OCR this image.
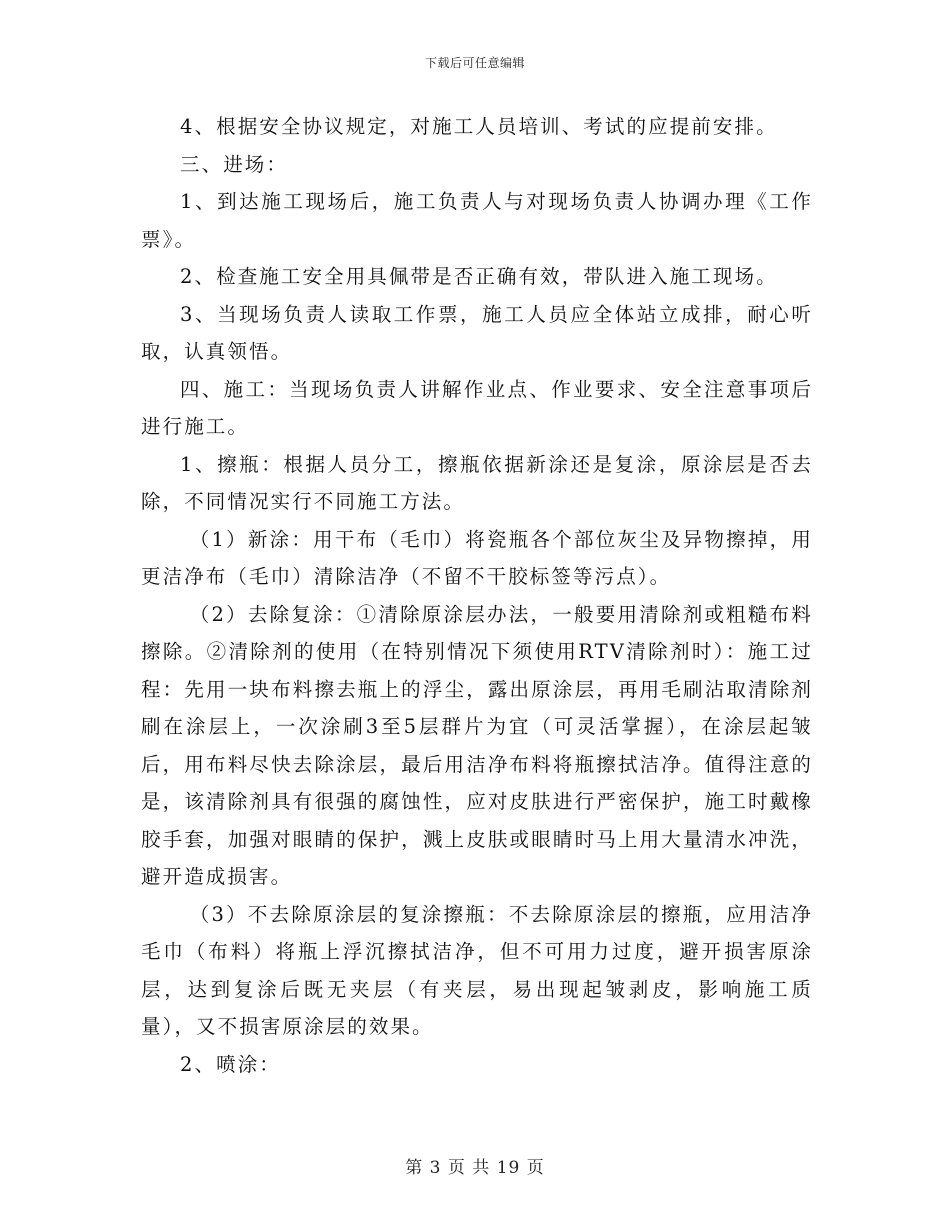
下载后可任意编辑

4、根据安全协议规定，对施工人员培训、考试的应提前安排。

三、进场：

1、到达施工现场后，施工负责人与对现场负责人协调办理《工作票》。

2、检查施工安全用具佩带是否正确有效，带队进入施工现场。

3、当现场负责人读取工作票，施工人员应全体站立成排，耐心听取，认真领悟。

四、施工：当现场负责人讲解作业点、作业要求、安全注意事项后进行施工。

1、擦瓶：根据人员分工，擦瓶依据新涂还是复涂，原涂层是否去除，不同情况实行不同施工方法。

（1）新涂：用干布（毛巾）将瓷瓶各个部位灰尘及异物擦掉，用更洁净布（毛巾）清除洁净（不留不干胶标签等污点）。

（2）去除复涂：①清除原涂层办法，一般要用清除剂或粗糙布料擦除。②清除剂的使用（在特别情况下须使用RTV清除剂时）：施工过程：先用一块布料擦去瓶上的浮尘，露出原涂层，再用毛刷沾取清除剂刷在涂层上，一次涂刷3至5层群片为宜（可灵活掌握），在涂层起皱后，用布料尽快去除涂层，最后用洁净布料将瓶擦拭洁净。值得注意的是，该清除剂具有很强的腐蚀性，应对皮肤进行严密保护，施工时戴橡胶手套，加强对眼睛的保护，溅上皮肤或眼睛时马上用大量清水冲洗，避开造成损害。

（3）不去除原涂层的复涂擦瓶：不去除原涂层的擦瓶，应用洁净毛巾（布料）将瓶上浮沉擦拭洁净，但不可用力过度，避开损害原涂层，达到复涂后既无夹层（有夹层，易出现起皱剥皮，影响施工质量），又不损害原涂层的效果。

2、喷涂：

第 3 页 共 19 页
